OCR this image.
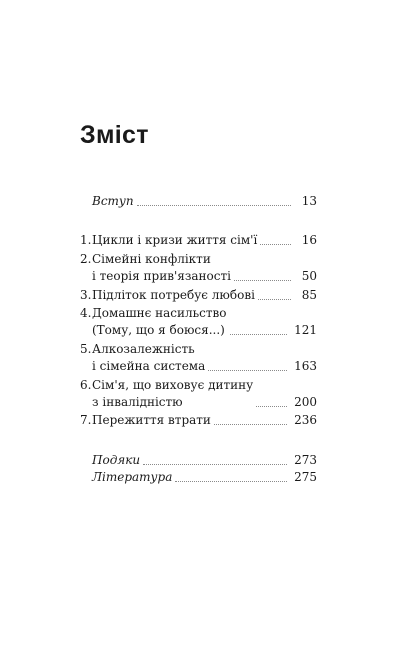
Зміст
Вступ	13
1. Цикли і кризи життя сім'ї	16
2. Сімейні конфлікти
і теорія прив'язаності	50
3. Підліток потребує любові	85
4. Домашнє насильство
(Тому, що я боюся...)	121
5. Алкозалежність
і сімейна система	163
6. Сім'я, що виховує дитину
з інвалідністю	200
7. Пережиття втрати	236
Подяки	273
Література	275
